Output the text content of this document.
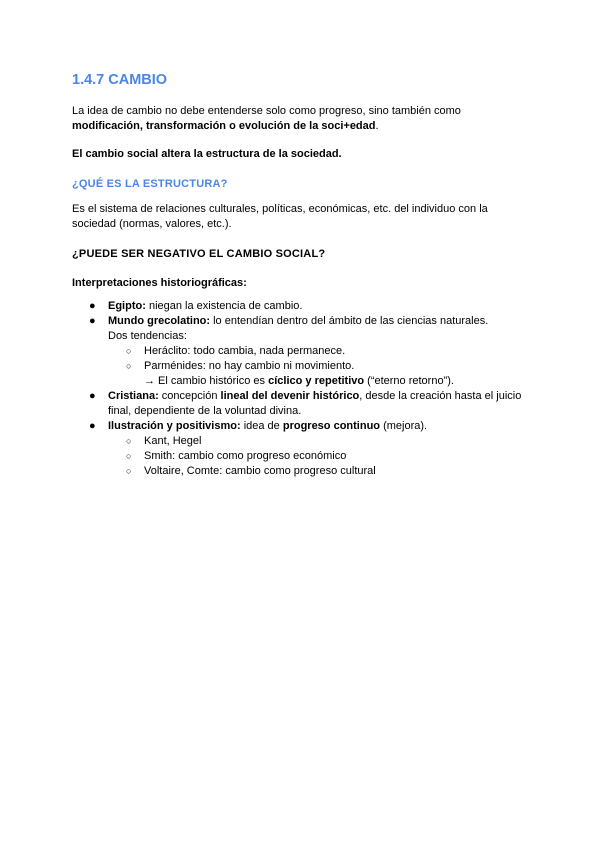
1.4.7 CAMBIO

La idea de cambio no debe entenderse solo como progreso, sino también como
modificación, transformación o evolución de la soci+edad.

El cambio social altera la estructura de la sociedad.

¿QUÉ ES LA ESTRUCTURA?

Es el sistema de relaciones culturales, políticas, económicas, etc. del individuo con la sociedad (normas, valores, etc.).

¿PUEDE SER NEGATIVO EL CAMBIO SOCIAL?

Interpretaciones historiográficas:

● Egipto: niegan la existencia de cambio.
● Mundo grecolatino: lo entendían dentro del ámbito de las ciencias naturales.
Dos tendencias:
○ Heráclito: todo cambia, nada permanece.
○ Parménides: no hay cambio ni movimiento.
→ El cambio histórico es cíclico y repetitivo (“eterno retorno”).
● Cristiana: concepción lineal del devenir histórico, desde la creación hasta el juicio final, dependiente de la voluntad divina.
● Ilustración y positivismo: idea de progreso continuo (mejora).
○ Kant, Hegel
○ Smith: cambio como progreso económico
○ Voltaire, Comte: cambio como progreso cultural
